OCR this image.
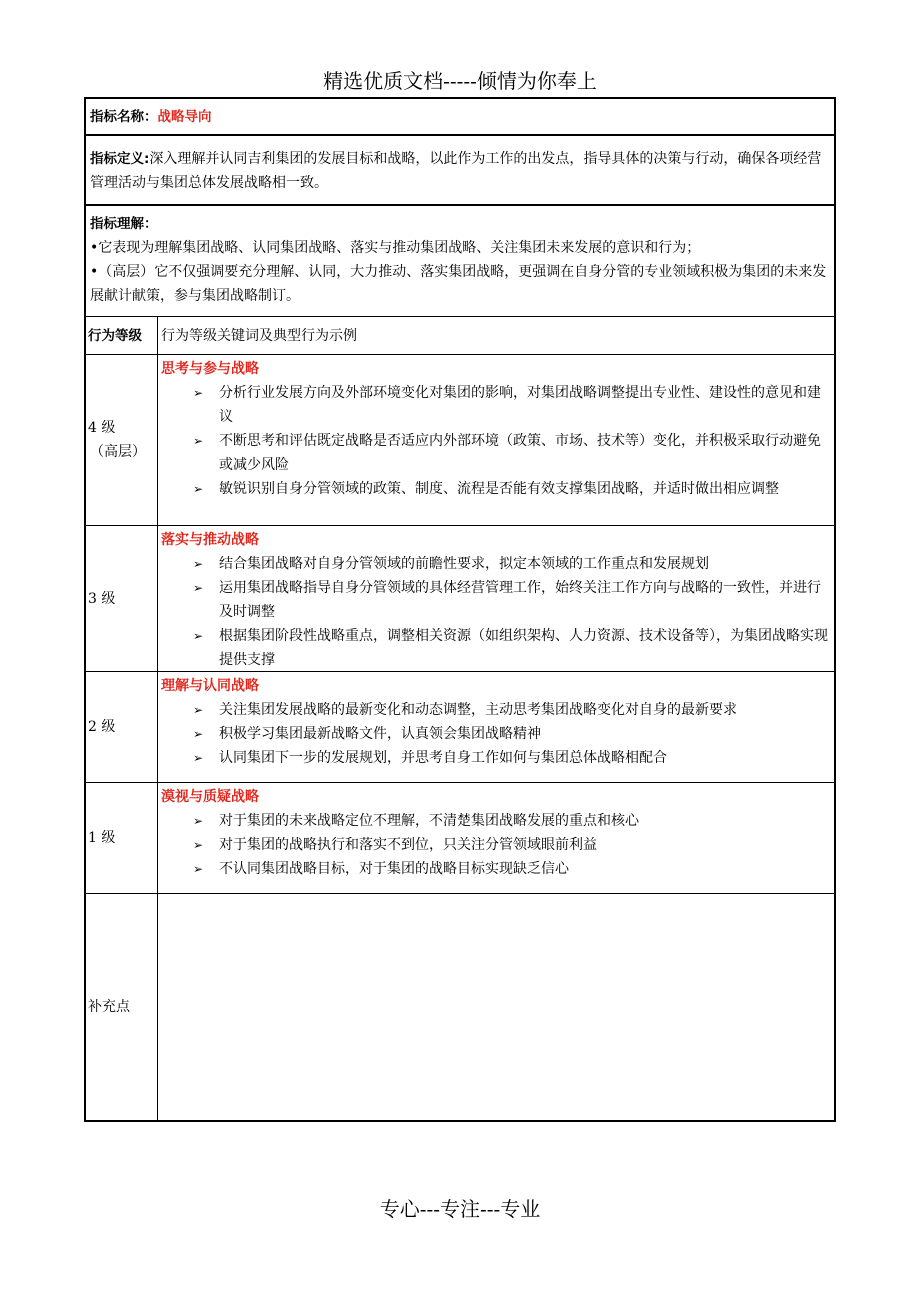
精选优质文档-----倾情为你奉上
指标名称：战略导向
指标定义:深入理解并认同吉利集团的发展目标和战略，以此作为工作的出发点，指导具体的决策与行动，确保各项经营管理活动与集团总体发展战略相一致。
指标理解：
•它表现为理解集团战略、认同集团战略、落实与推动集团战略、关注集团未来发展的意识和行为；
•（高层）它不仅强调要充分理解、认同，大力推动、落实集团战略，更强调在自身分管的专业领域积极为集团的未来发展献计献策，参与集团战略制订。
行为等级	行为等级关键词及典型行为示例
4 级
（高层）
思考与参与战略
➢ 分析行业发展方向及外部环境变化对集团的影响，对集团战略调整提出专业性、建设性的意见和建议
➢ 不断思考和评估既定战略是否适应内外部环境（政策、市场、技术等）变化，并积极采取行动避免或减少风险
➢ 敏锐识别自身分管领域的政策、制度、流程是否能有效支撑集团战略，并适时做出相应调整
3 级
落实与推动战略
➢ 结合集团战略对自身分管领域的前瞻性要求，拟定本领域的工作重点和发展规划
➢ 运用集团战略指导自身分管领域的具体经营管理工作，始终关注工作方向与战略的一致性，并进行及时调整
➢ 根据集团阶段性战略重点，调整相关资源（如组织架构、人力资源、技术设备等），为集团战略实现提供支撑
2 级
理解与认同战略
➢ 关注集团发展战略的最新变化和动态调整，主动思考集团战略变化对自身的最新要求
➢ 积极学习集团最新战略文件，认真领会集团战略精神
➢ 认同集团下一步的发展规划，并思考自身工作如何与集团总体战略相配合
1 级
漠视与质疑战略
➢ 对于集团的未来战略定位不理解，不清楚集团战略发展的重点和核心
➢ 对于集团的战略执行和落实不到位，只关注分管领域眼前利益
➢ 不认同集团战略目标，对于集团的战略目标实现缺乏信心
补充点
专心---专注---专业
